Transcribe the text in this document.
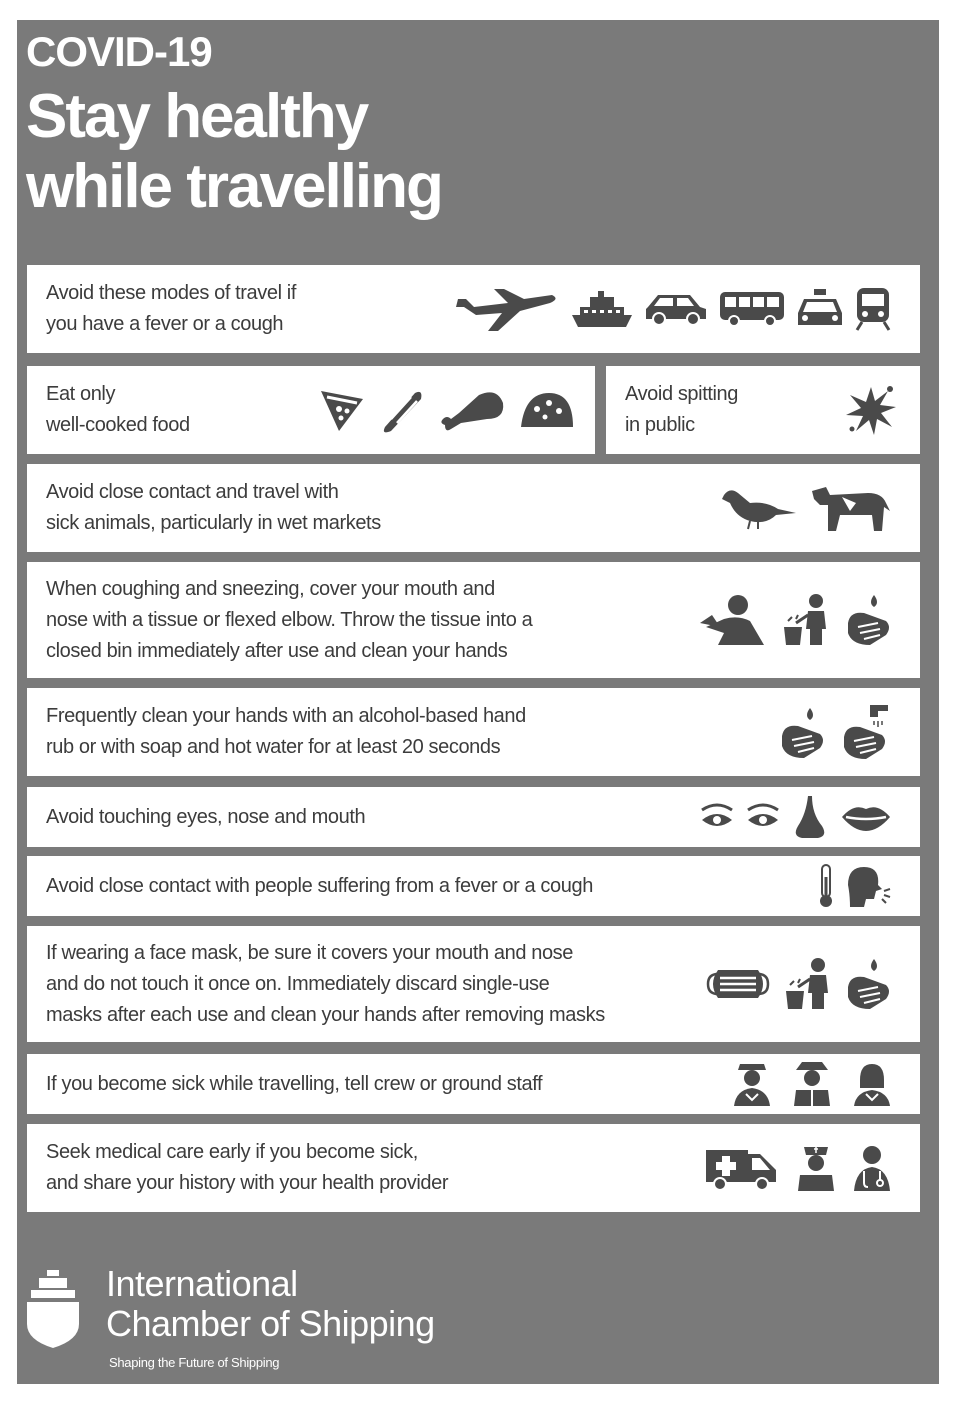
COVID-19
Stay healthy
while travelling
Avoid these modes of travel if
you have a fever or a cough
Eat only
well-cooked food
Avoid spitting
in public
Avoid close contact and travel with
sick animals, particularly in wet markets
When coughing and sneezing, cover your mouth and
nose with a tissue or flexed elbow. Throw the tissue into a
closed bin immediately after use and clean your hands
Frequently clean your hands with an alcohol-based hand
rub or with soap and hot water for at least 20 seconds
Avoid touching eyes, nose and mouth
Avoid close contact with people suffering from a fever or a cough
If wearing a face mask, be sure it covers your mouth and nose
and do not touch it once on. Immediately discard single-use
masks after each use and clean your hands after removing masks
If you become sick while travelling, tell crew or ground staff
Seek medical care early if you become sick,
and share your history with your health provider
International
Chamber of Shipping
Shaping the Future of Shipping
